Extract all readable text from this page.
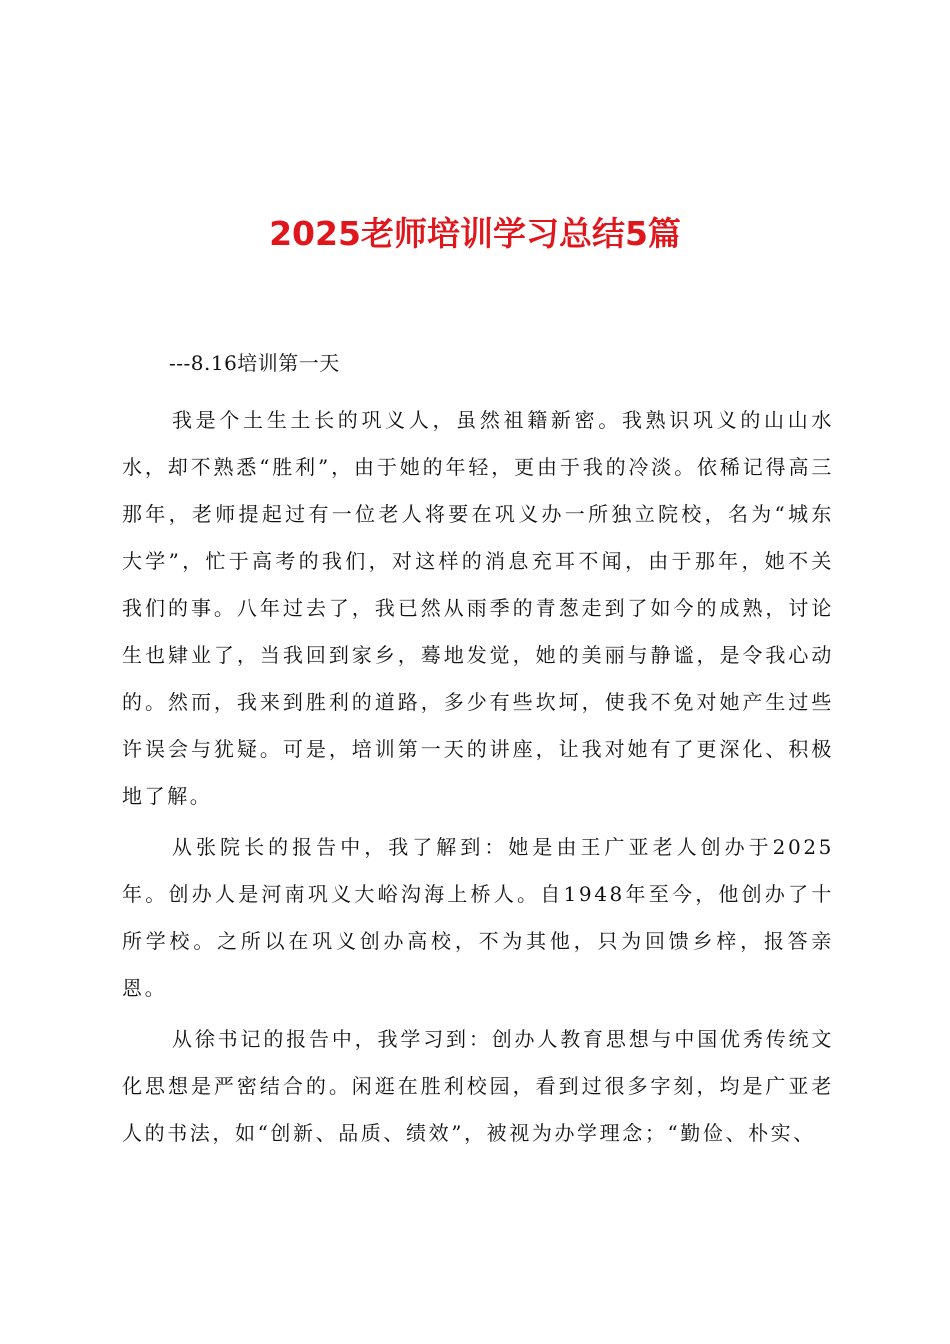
2025老师培训学习总结5篇

---8.16培训第一天

我是个土生土长的巩义人，虽然祖籍新密。我熟识巩义的山山水水，却不熟悉“胜利”，由于她的年轻，更由于我的冷淡。依稀记得高三那年，老师提起过有一位老人将要在巩义办一所独立院校，名为“城东大学”，忙于高考的我们，对这样的消息充耳不闻，由于那年，她不关我们的事。八年过去了，我已然从雨季的青葱走到了如今的成熟，讨论生也肄业了，当我回到家乡，蓦地发觉，她的美丽与静谧，是令我心动的。然而，我来到胜利的道路，多少有些坎坷，使我不免对她产生过些许误会与犹疑。可是，培训第一天的讲座，让我对她有了更深化、积极地了解。

从张院长的报告中，我了解到：她是由王广亚老人创办于2025年。创办人是河南巩义大峪沟海上桥人。自1948年至今，他创办了十所学校。之所以在巩义创办高校，不为其他，只为回馈乡梓，报答亲恩。

从徐书记的报告中，我学习到：创办人教育思想与中国优秀传统文化思想是严密结合的。闲逛在胜利校园，看到过很多字刻，均是广亚老人的书法，如“创新、品质、绩效”，被视为办学理念；“勤俭、朴实、
